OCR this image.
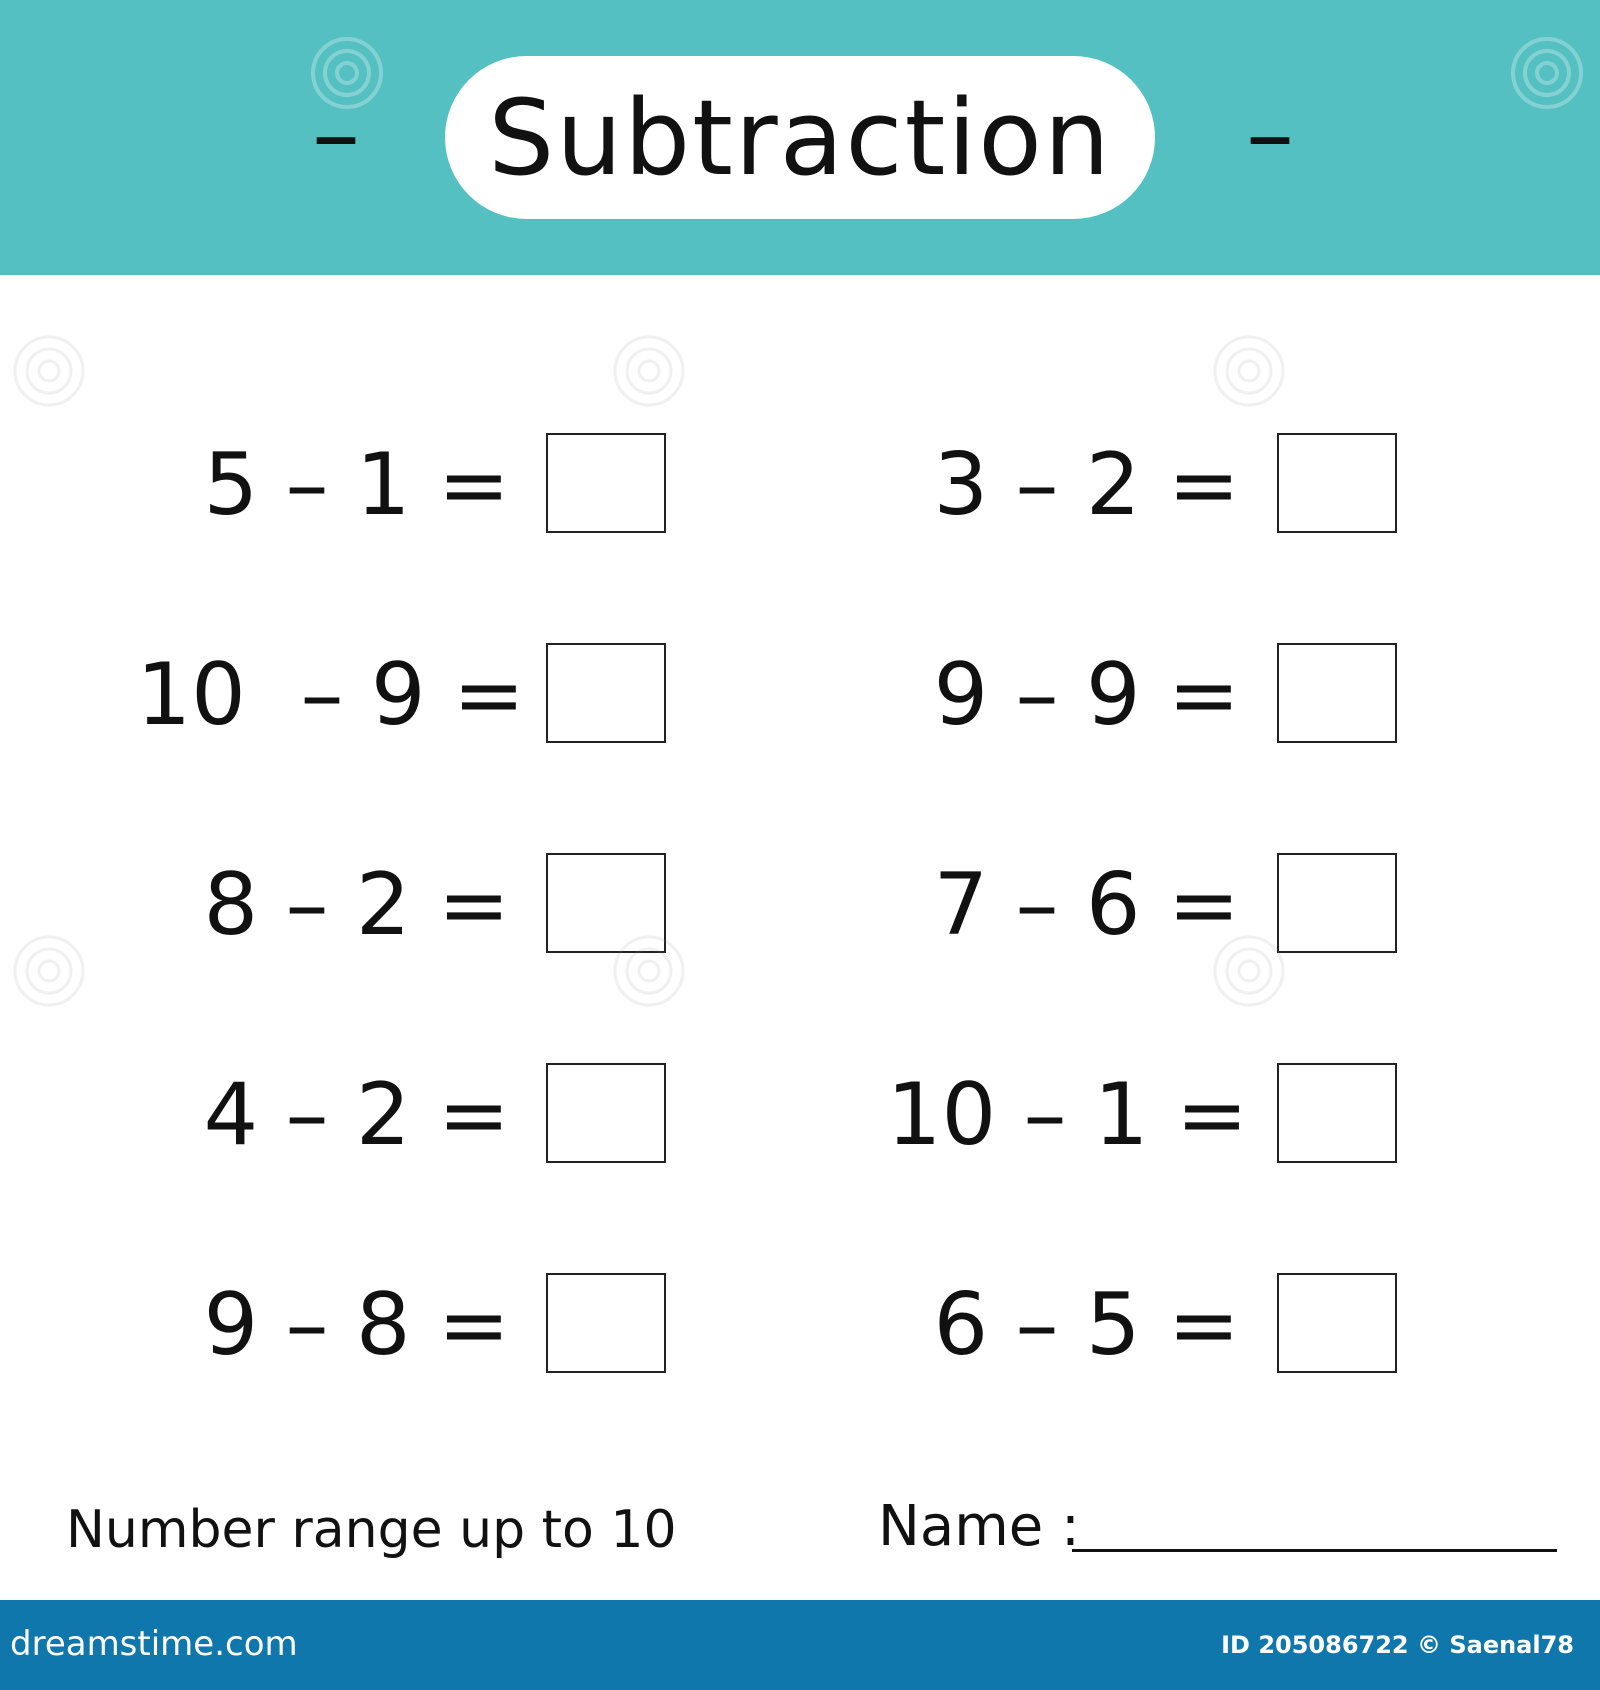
– Subtraction –
5 – 1 =
10  – 9 =
8 – 2 =
4 – 2 =
9 – 8 =
3 – 2 =
9 – 9 =
7 – 6 =
10 – 1 =
6 – 5 =
Number range up to 10	Name :
dreamstime.com	ID 205086722 © Saenal78
